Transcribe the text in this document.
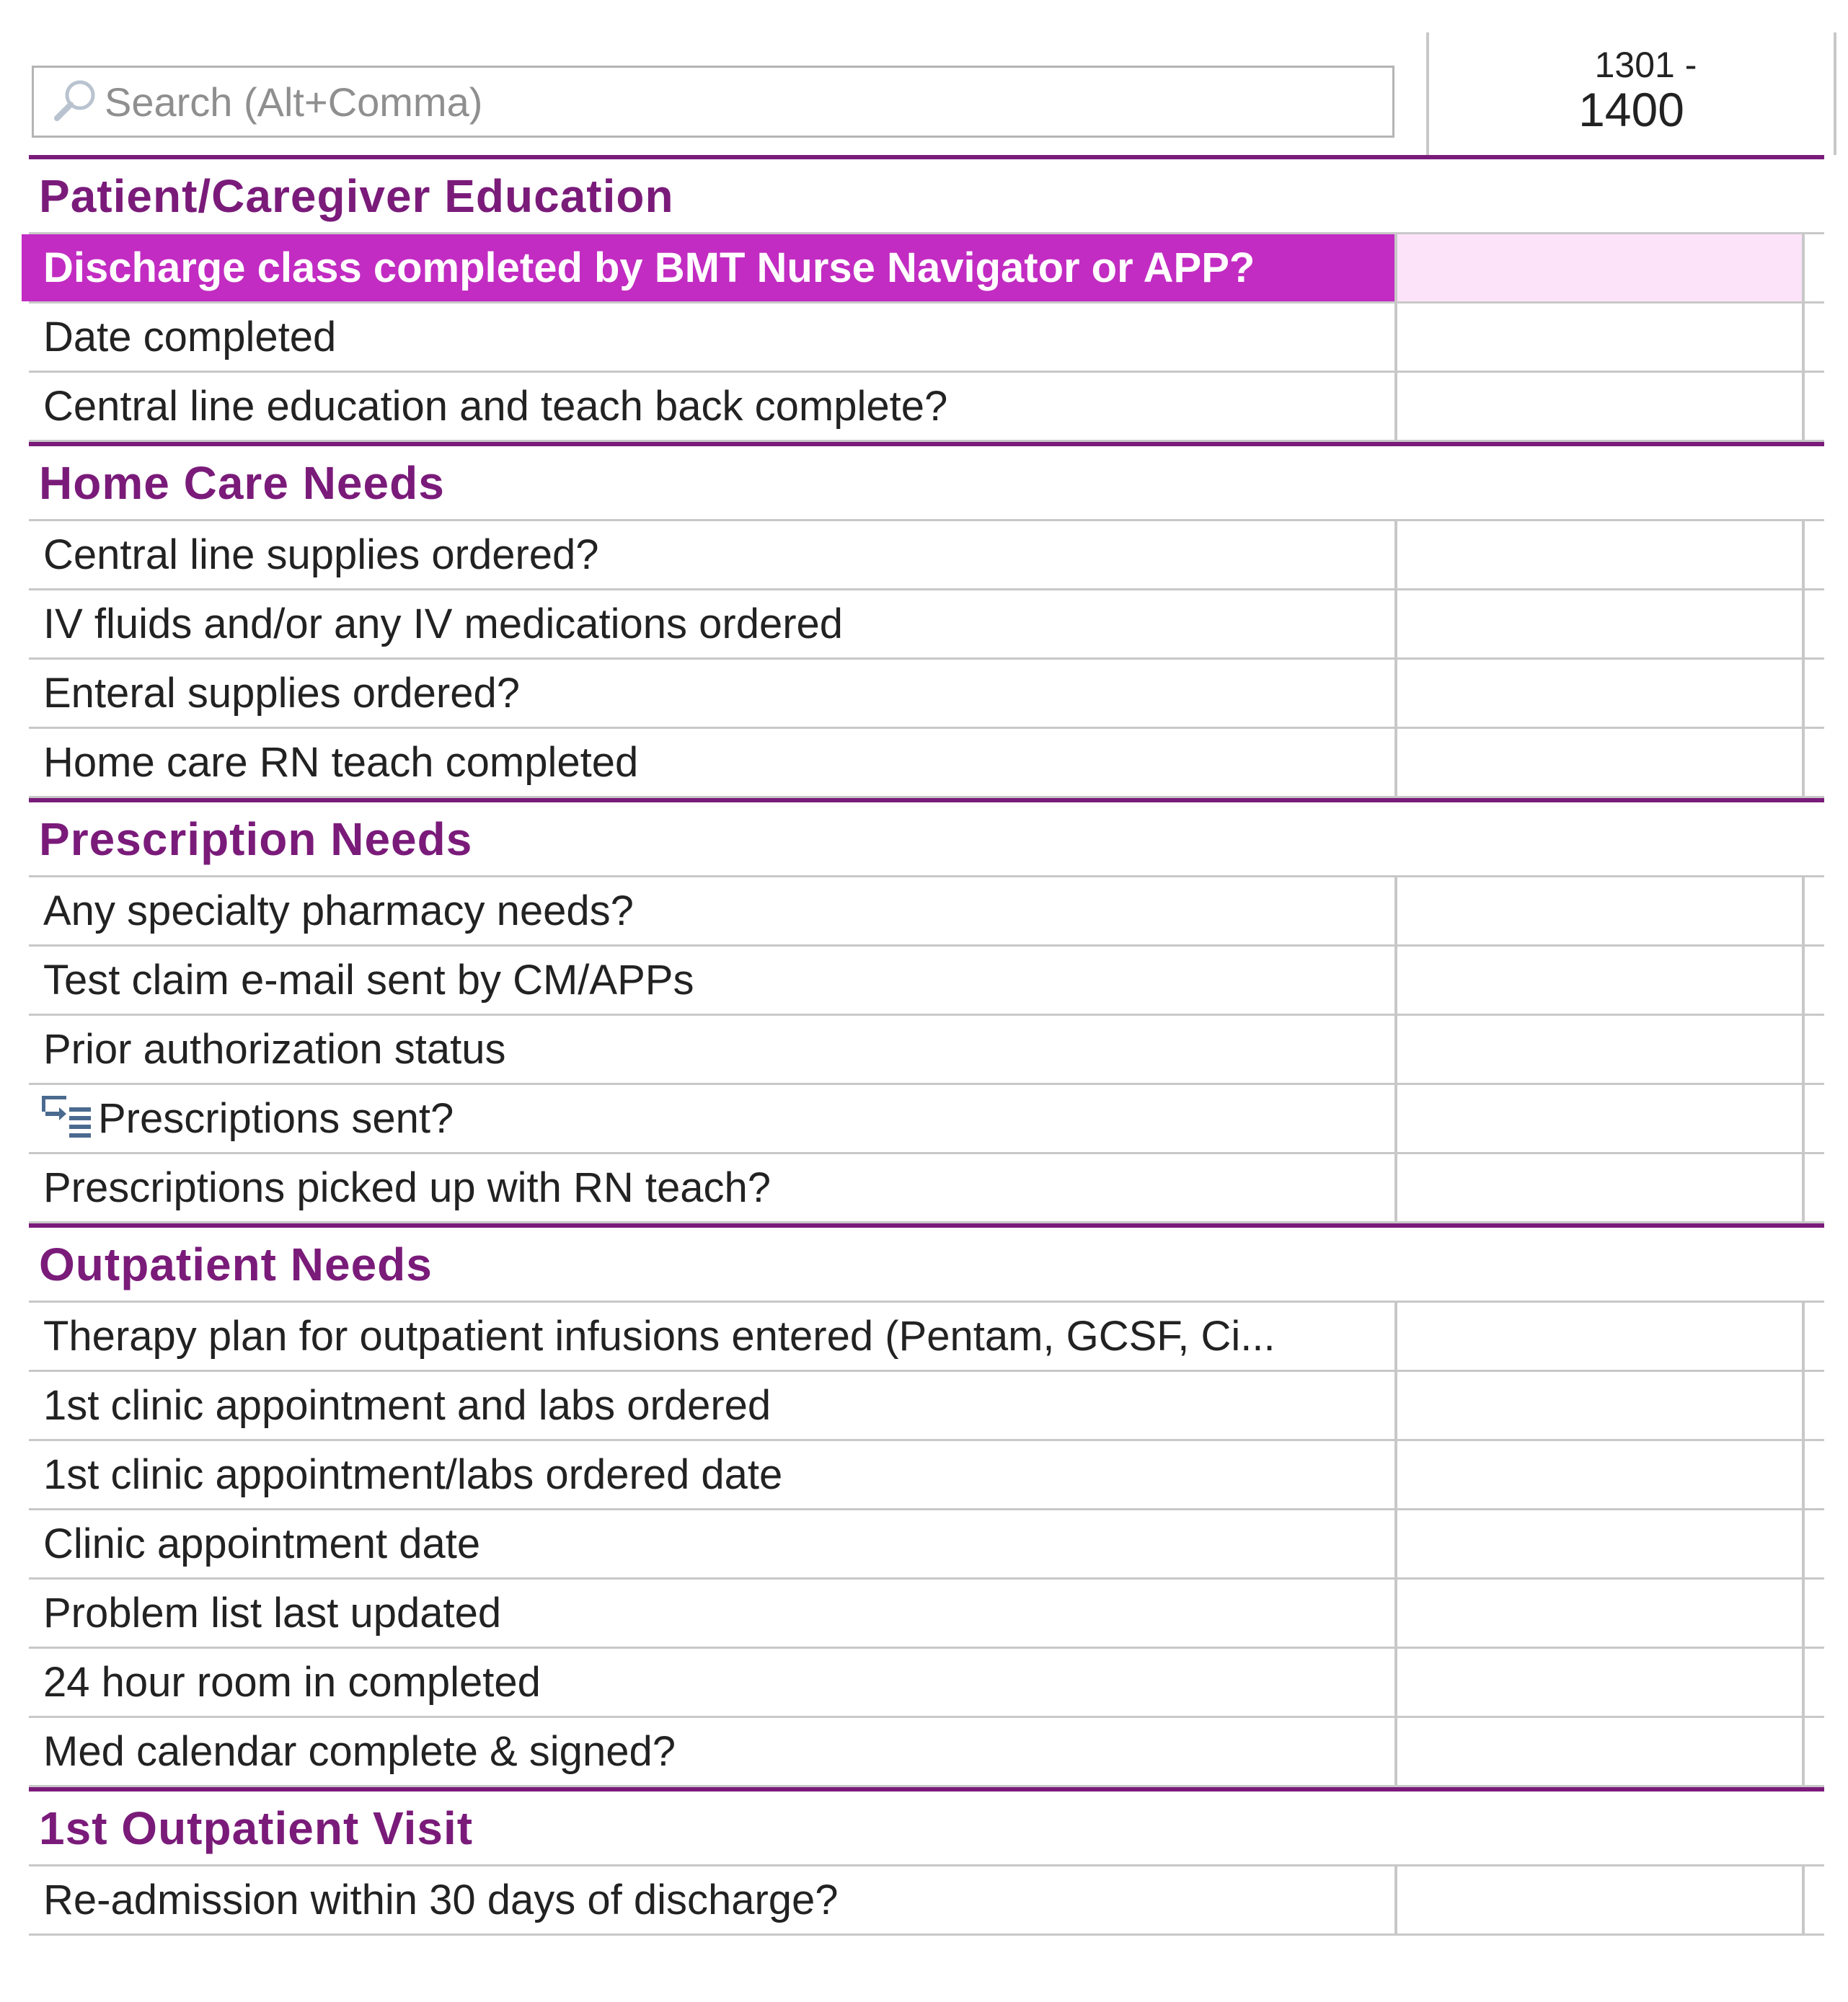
Search (Alt+Comma)
1301 -
1400
Patient/Caregiver Education
Discharge class completed by BMT Nurse Navigator or APP?
Date completed
Central line education and teach back complete?
Home Care Needs
Central line supplies ordered?
IV fluids and/or any IV medications ordered
Enteral supplies ordered?
Home care RN teach completed
Prescription Needs
Any specialty pharmacy needs?
Test claim e-mail sent by CM/APPs
Prior authorization status
Prescriptions sent?
Prescriptions picked up with RN teach?
Outpatient Needs
Therapy plan for outpatient infusions entered (Pentam, GCSF, Ci...
1st clinic appointment and labs ordered
1st clinic appointment/labs ordered date
Clinic appointment date
Problem list last updated
24 hour room in completed
Med calendar complete & signed?
1st Outpatient Visit
Re-admission within 30 days of discharge?
